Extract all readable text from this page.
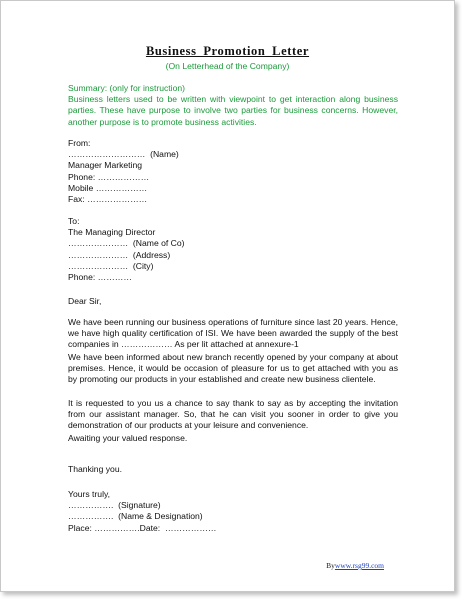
Business Promotion Letter
(On Letterhead of the Company)
Summary: (only for instruction)
Business letters used to be written with viewpoint to get interaction along business parties. These have purpose to involve two parties for business concerns. However, another purpose is to promote business activities.
From:
………………………  (Name)
Manager Marketing
Phone: ………………
Mobile ………………
Fax: …………………
To:
The Managing Director
…………………  (Name of Co)
…………………  (Address)
…………………  (City)
Phone: …………
Dear Sir,
We have been running our business operations of furniture since last 20 years. Hence, we have high quality certification of ISI. We have been awarded the supply of the best companies in ……………… As per lit attached at annexure-1
We have been informed about new branch recently opened by your company at about premises. Hence, it would be occasion of pleasure for us to get attached with you as by promoting our products in your established and create new business clientele.
It is requested to you us a chance to say thank to say as by accepting the invitation from our assistant manager. So, that he can visit you sooner in order to give you demonstration of our products at your leisure and convenience.
Awaiting your valued response.
Thanking you.
Yours truly,
…………….  (Signature)
…………….  (Name & Designation)
Place: …………….Date:  ………………
Bywww.rsg99.com
